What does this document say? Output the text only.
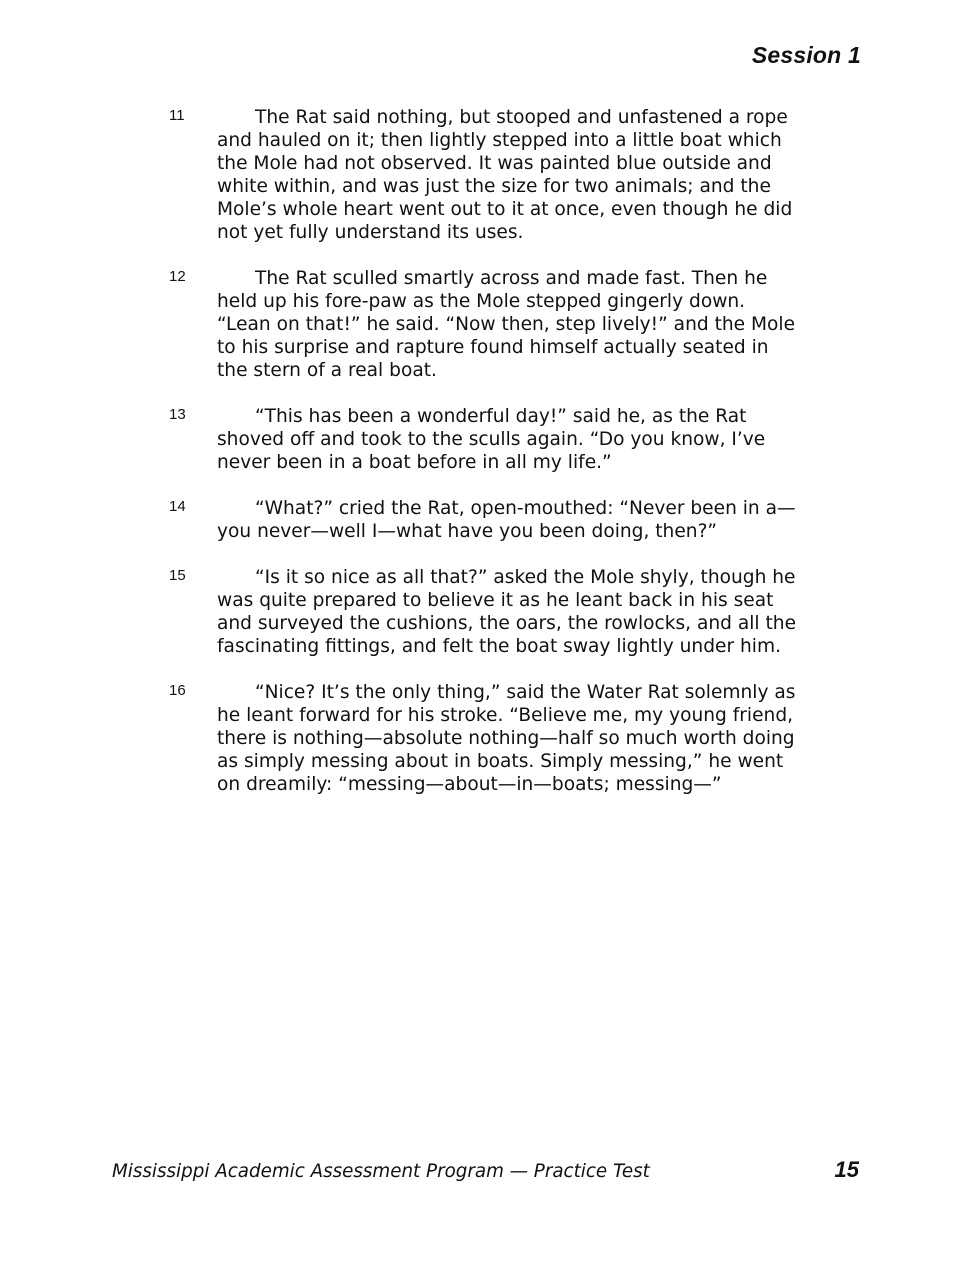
Session 1
11	The Rat said nothing, but stooped and unfastened a rope
and hauled on it; then lightly stepped into a little boat which
the Mole had not observed. It was painted blue outside and
white within, and was just the size for two animals; and the
Mole’s whole heart went out to it at once, even though he did
not yet fully understand its uses.

12	The Rat sculled smartly across and made fast. Then he
held up his fore-paw as the Mole stepped gingerly down.
“Lean on that!” he said. “Now then, step lively!” and the Mole
to his surprise and rapture found himself actually seated in
the stern of a real boat.

13	“This has been a wonderful day!” said he, as the Rat
shoved off and took to the sculls again. “Do you know, I’ve
never been in a boat before in all my life.”

14	“What?” cried the Rat, open-mouthed: “Never been in a—
you never—well I—what have you been doing, then?”

15	“Is it so nice as all that?” asked the Mole shyly, though he
was quite prepared to believe it as he leant back in his seat
and surveyed the cushions, the oars, the rowlocks, and all the
fascinating fittings, and felt the boat sway lightly under him.

16	“Nice? It’s the only thing,” said the Water Rat solemnly as
he leant forward for his stroke. “Believe me, my young friend,
there is nothing—absolute nothing—half so much worth doing
as simply messing about in boats. Simply messing,” he went
on dreamily: “messing—about—in—boats; messing—”

Mississippi Academic Assessment Program — Practice Test	15
